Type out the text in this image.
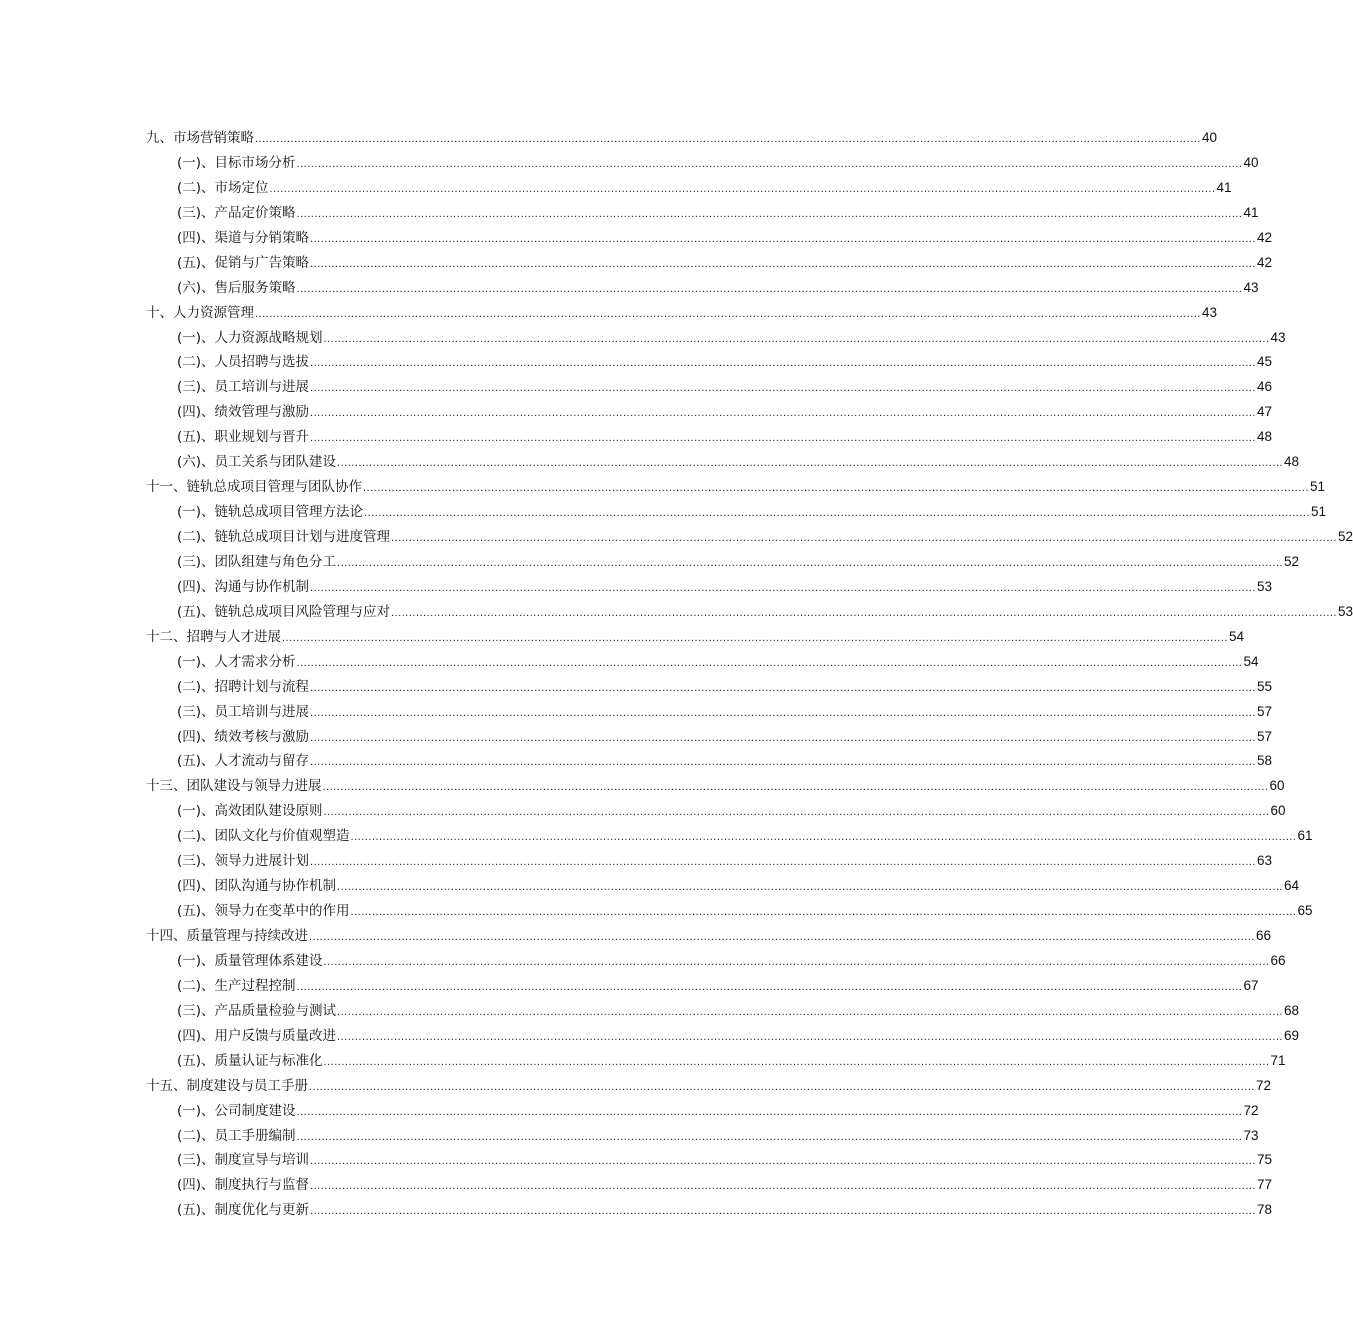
九、市场营销策略 .......................................................................................................................................................................................................................................................................... 40
(一)、目标市场分析 .......................................................................................................................................................................................................................................................................... 40
(二)、市场定位 .......................................................................................................................................................................................................................................................................... 41
(三)、产品定价策略 .......................................................................................................................................................................................................................................................................... 41
(四)、渠道与分销策略 .......................................................................................................................................................................................................................................................................... 42
(五)、促销与广告策略 .......................................................................................................................................................................................................................................................................... 42
(六)、售后服务策略 .......................................................................................................................................................................................................................................................................... 43
十、人力资源管理 .......................................................................................................................................................................................................................................................................... 43
(一)、人力资源战略规划 .......................................................................................................................................................................................................................................................................... 43
(二)、人员招聘与选拔 .......................................................................................................................................................................................................................................................................... 45
(三)、员工培训与进展 .......................................................................................................................................................................................................................................................................... 46
(四)、绩效管理与激励 .......................................................................................................................................................................................................................................................................... 47
(五)、职业规划与晋升 .......................................................................................................................................................................................................................................................................... 48
(六)、员工关系与团队建设 .......................................................................................................................................................................................................................................................................... 48
十一、链轨总成项目管理与团队协作 .......................................................................................................................................................................................................................................................................... 51
(一)、链轨总成项目管理方法论 .......................................................................................................................................................................................................................................................................... 51
(二)、链轨总成项目计划与进度管理 .......................................................................................................................................................................................................................................................................... 52
(三)、团队组建与角色分工 .......................................................................................................................................................................................................................................................................... 52
(四)、沟通与协作机制 .......................................................................................................................................................................................................................................................................... 53
(五)、链轨总成项目风险管理与应对 .......................................................................................................................................................................................................................................................................... 53
十二、招聘与人才进展 .......................................................................................................................................................................................................................................................................... 54
(一)、人才需求分析 .......................................................................................................................................................................................................................................................................... 54
(二)、招聘计划与流程 .......................................................................................................................................................................................................................................................................... 55
(三)、员工培训与进展 .......................................................................................................................................................................................................................................................................... 57
(四)、绩效考核与激励 .......................................................................................................................................................................................................................................................................... 57
(五)、人才流动与留存 .......................................................................................................................................................................................................................................................................... 58
十三、团队建设与领导力进展 .......................................................................................................................................................................................................................................................................... 60
(一)、高效团队建设原则 .......................................................................................................................................................................................................................................................................... 60
(二)、团队文化与价值观塑造 .......................................................................................................................................................................................................................................................................... 61
(三)、领导力进展计划 .......................................................................................................................................................................................................................................................................... 63
(四)、团队沟通与协作机制 .......................................................................................................................................................................................................................................................................... 64
(五)、领导力在变革中的作用 .......................................................................................................................................................................................................................................................................... 65
十四、质量管理与持续改进 .......................................................................................................................................................................................................................................................................... 66
(一)、质量管理体系建设 .......................................................................................................................................................................................................................................................................... 66
(二)、生产过程控制 .......................................................................................................................................................................................................................................................................... 67
(三)、产品质量检验与测试 .......................................................................................................................................................................................................................................................................... 68
(四)、用户反馈与质量改进 .......................................................................................................................................................................................................................................................................... 69
(五)、质量认证与标准化 .......................................................................................................................................................................................................................................................................... 71
十五、制度建设与员工手册 .......................................................................................................................................................................................................................................................................... 72
(一)、公司制度建设 .......................................................................................................................................................................................................................................................................... 72
(二)、员工手册编制 .......................................................................................................................................................................................................................................................................... 73
(三)、制度宣导与培训 .......................................................................................................................................................................................................................................................................... 75
(四)、制度执行与监督 .......................................................................................................................................................................................................................................................................... 77
(五)、制度优化与更新 .......................................................................................................................................................................................................................................................................... 78
